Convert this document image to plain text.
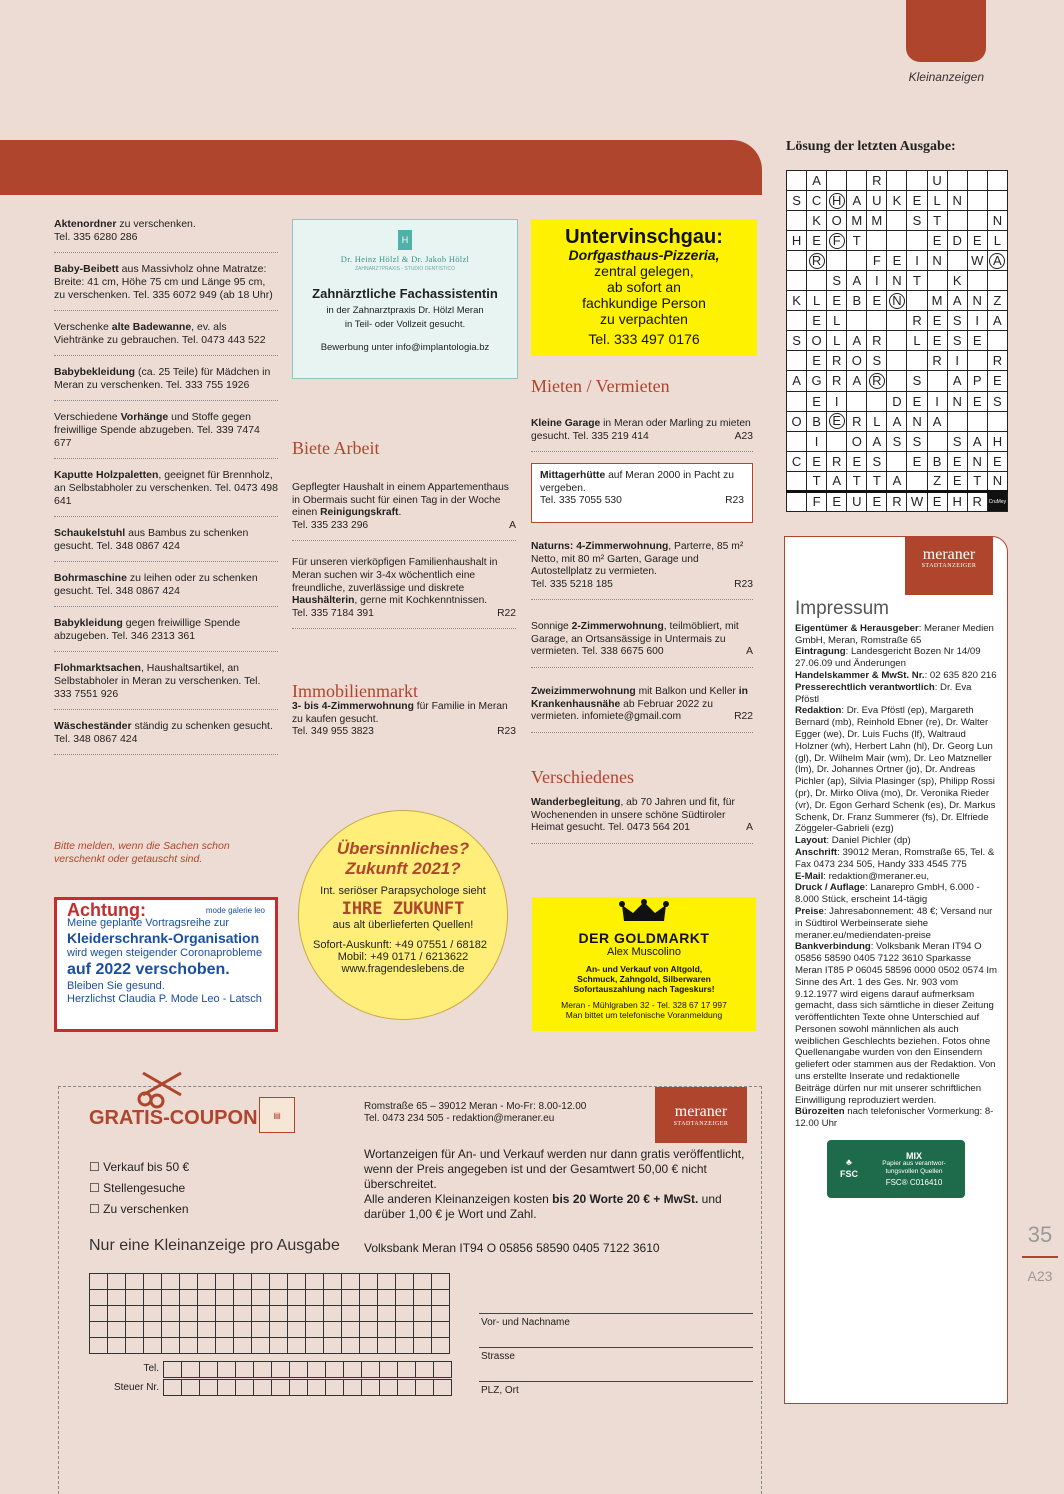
Kleinanzeigen
Aktenordner zu verschenken.
Tel. 335 6280 286
Baby-Beibett aus Massivholz ohne Matratze: Breite: 41 cm, Höhe 75 cm und Länge 95 cm, zu verschenken. Tel. 335 6072 949 (ab 18 Uhr)
Verschenke alte Badewanne, ev. als Viehtränke zu gebrauchen. Tel. 0473 443 522
Babybekleidung (ca. 25 Teile) für Mädchen in Meran zu verschenken. Tel. 333 755 1926
Verschiedene Vorhänge und Stoffe gegen freiwillige Spende abzugeben. Tel. 339 7474 677
Kaputte Holzpaletten, geeignet für Brennholz, an Selbstabholer zu verschenken. Tel. 0473 498 641
Schaukelstuhl aus Bambus zu schenken gesucht. Tel. 348 0867 424
Bohrmaschine zu leihen oder zu schenken gesucht. Tel. 348 0867 424
Babykleidung gegen freiwillige Spende abzugeben. Tel. 346 2313 361
Flohmarktsachen, Haushaltsartikel, an Selbstabholer in Meran zu verschenken. Tel. 333 7551 926
Wäscheständer ständig zu schenken gesucht. Tel. 348 0867 424
Bitte melden, wenn die Sachen schon verschenkt oder getauscht sind.
Achtung:	mode galerie leo
Meine geplante Vortragsreihe zur
Kleiderschrank-Organisation
wird wegen steigender Coronaprobleme
auf 2022 verschoben.
Bleiben Sie gesund.
Herzlichst Claudia P. Mode Leo - Latsch
H
Dr. Heinz Hölzl & Dr. Jakob Hölzl
ZAHNARZTPRAXIS - STUDIO DENTISTICO
Zahnärztliche Fachassistentin
in der Zahnarztpraxis Dr. Hölzl Meran
in Teil- oder Vollzeit gesucht.
Bewerbung unter info@implantologia.bz
Biete Arbeit
Gepflegter Haushalt in einem Appartementhaus in Obermais sucht für einen Tag in der Woche einen Reinigungskraft.
Tel. 335 233 296	A
Für unseren vierköpfigen Familienhaushalt in Meran suchen wir 3-4x wöchentlich eine freundliche, zuverlässige und diskrete Haushälterin, gerne mit Kochkenntnissen.
Tel. 335 7184 391	R22
Immobilienmarkt
3- bis 4-Zimmerwohnung für Familie in Meran zu kaufen gesucht.
Tel. 349 955 3823	R23
Übersinnliches?
Zukunft 2021?
Int. seriöser Parapsychologe sieht
IHRE ZUKUNFT
aus alt überlieferten Quellen!
Sofort-Auskunft: +49 07551 / 68182
Mobil: +49 0171 / 6213622
www.fragendeslebens.de
Untervinschgau:
Dorfgasthaus-Pizzeria,
zentral gelegen,
ab sofort an
fachkundige Person
zu verpachten
Tel. 333 497 0176
Mieten / Vermieten
Kleine Garage in Meran oder Marling zu mieten gesucht. Tel. 335 219 414	A23
Mittagerhütte auf Meran 2000 in Pacht zu vergeben.
Tel. 335 7055 530	R23
Naturns: 4-Zimmerwohnung, Parterre, 85 m² Netto, mit 80 m² Garten, Garage und Autostellplatz zu vermieten.
Tel. 335 5218 185	R23
Sonnige 2-Zimmerwohnung, teilmöbliert, mit Garage, an Ortsansässige in Untermais zu vermieten. Tel. 338 6675 600	A
Zweizimmerwohnung mit Balkon und Keller in Krankenhausnähe ab Februar 2022 zu vermieten. infomiete@gmail.com	R22
Verschiedenes
Wanderbegleitung, ab 70 Jahren und fit, für Wochenenden in unsere schöne Südtiroler Heimat gesucht. Tel. 0473 564 201	A
DER GOLDMARKT
Alex Muscolino
An- und Verkauf von Altgold,
Schmuck, Zahngold, Silberwaren
Sofortauszahlung nach Tageskurs!
Meran - Mühlgraben 32 - Tel. 328 67 17 997
Man bittet um telefonische Voranmeldung
Lösung der letzten Ausgabe:
	A			R			U			
S	C	H	A	U	K	E	L	N		
	K	O	M	M		S	T			N
H	E	F	T				E	D	E	L
	R			F	E	I	N		W	A
		S	A	I	N	T		K		
K	L	E	B	E	N		M	A	N	Z
	E	L				R	E	S	I	A
S	O	L	A	R		L	E	S	E	
	E	R	O	S			R	I		R
A	G	R	A	R		S		A	P	E
	E	I			D	E	I	N	E	S
O	B	E	R	L	A	N	A			
	I		O	A	S	S		S	A	H
C	E	R	E	S		E	B	E	N	E
	T	A	T	T	A		Z	E	T	N
	F	E	U	E	R	W	E	H	R	CruMey
meraner
STADTANZEIGER
Impressum
Eigentümer & Herausgeber: Meraner Medien GmbH, Meran, Romstraße 65
Eintragung: Landesgericht Bozen Nr 14/09 27.06.09 und Änderungen
Handelskammer & MwSt. Nr.: 02 635 820 216
Presserechtlich verantwortlich: Dr. Eva Pföstl
Redaktion: Dr. Eva Pföstl (ep), Margareth Bernard (mb), Reinhold Ebner (re), Dr. Walter Egger (we), Dr. Luis Fuchs (lf), Waltraud Holzner (wh), Herbert Lahn (hl), Dr. Georg Lun (gl), Dr. Wilhelm Mair (wm), Dr. Leo Matzneller (lm), Dr. Johannes Ortner (jo), Dr. Andreas Pichler (ap), Silvia Plasinger (sp), Philipp Rossi (pr), Dr. Mirko Oliva (mo), Dr. Veronika Rieder (vr), Dr. Egon Gerhard Schenk (es), Dr. Markus Schenk, Dr. Franz Summerer (fs), Dr. Elfriede Zöggeler-Gabrieli (ezg)
Layout: Daniel Pichler (dp)
Anschrift: 39012 Meran, Romstraße 65, Tel. & Fax 0473 234 505, Handy 333 4545 775
E-Mail: redaktion@meraner.eu,
Druck / Auflage: Lanarepro GmbH, 6.000 - 8.000 Stück, erscheint 14-tägig
Preise: Jahresabonnement: 48 €; Versand nur in Südtirol Werbeinserate siehe meraner.eu/mediendaten-preise
Bankverbindung: Volksbank Meran IT94 O 05856 58590 0405 7122 3610 Sparkasse Meran IT85 P 06045 58596 0000 0502 0574 Im Sinne des Art. 1 des Ges. Nr. 903 vom 9.12.1977 wird eigens darauf aufmerksam gemacht, dass sich sämtliche in dieser Zeitung veröffentlichten Texte ohne Unterschied auf Personen sowohl männlichen als auch weiblichen Geschlechts beziehen. Fotos ohne Quellenangabe wurden von den Einsendern geliefert oder stammen aus der Redaktion. Von uns erstellte Inserate und redaktionelle Beiträge dürfen nur mit unserer schriftlichen Einwilligung reproduziert werden.
Bürozeiten nach telefonischer Vormerkung: 8-12.00 Uhr
♣
FSC
MIX
Papier aus verantwor-
tungsvollen Quellen
FSC® C016410
35
A23
GRATIS-COUPON	▤
Romstraße 65 – 39012 Meran - Mo-Fr: 8.00-12.00
Tel. 0473 234 505 - redaktion@meraner.eu	meraner
STADTANZEIGER
☐ Verkauf bis 50 €
☐ Stellengesuche
☐ Zu verschenken
Wortanzeigen für An- und Verkauf werden nur dann gratis veröffentlicht, wenn der Preis angegeben ist und der Gesamtwert 50,00 € nicht überschreitet.
Alle anderen Kleinanzeigen kosten bis 20 Worte 20 € + MwSt. und darüber 1,00 € je Wort und Zahl.
Nur eine Kleinanzeige pro Ausgabe Volksbank Meran IT94 O 05856 58590 0405 7122 3610

Tel.

Steuer Nr.

Vor- und Nachname
Strasse
PLZ, Ort
